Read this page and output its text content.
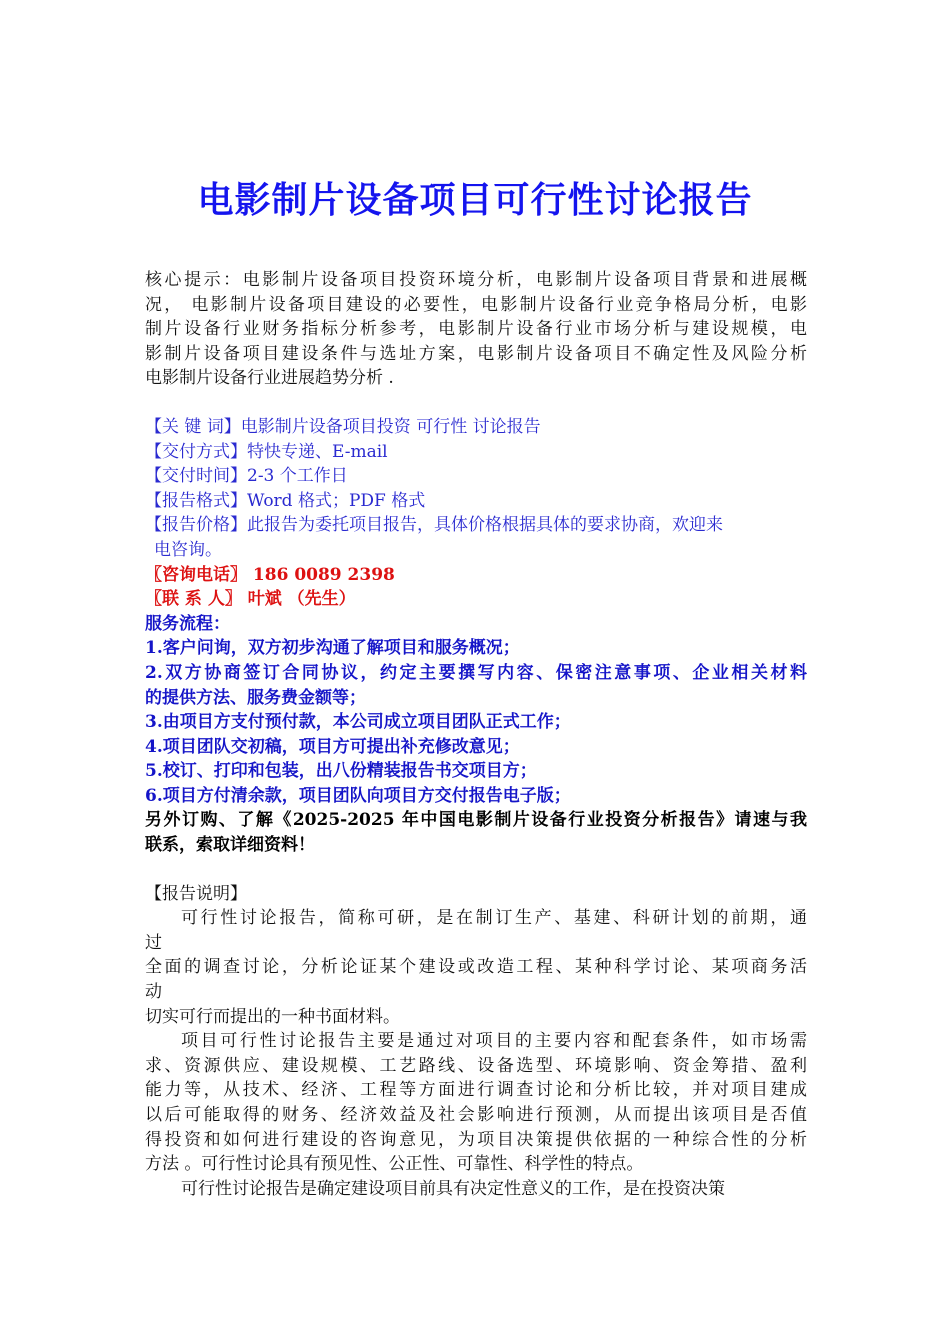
电影制片设备项目可行性讨论报告
核心提示：电影制片设备项目投资环境分析，电影制片设备项目背景和进展概
况， 电影制片设备项目建设的必要性，电影制片设备行业竞争格局分析，电影
制片设备行业财务指标分析参考，电影制片设备行业市场分析与建设规模，电
影制片设备项目建设条件与选址方案，电影制片设备项目不确定性及风险分析
电影制片设备行业进展趋势分析 .
【关 键 词】电影制片设备项目投资 可行性 讨论报告
【交付方式】特快专递、E-mail
【交付时间】2-3 个工作日
【报告格式】Word 格式；PDF 格式
【报告价格】此报告为委托项目报告，具体价格根据具体的要求协商，欢迎来
电咨询。
〖咨询电话〗 186 0089 2398
〖联 系 人〗 叶斌 （先生）
服务流程：
1.客户问询，双方初步沟通了解项目和服务概况；
2.双方协商签订合同协议，约定主要撰写内容、保密注意事项、企业相关材料
的提供方法、服务费金额等；
3.由项目方支付预付款，本公司成立项目团队正式工作；
4.项目团队交初稿，项目方可提出补充修改意见；
5.校订、打印和包装，出八份精装报告书交项目方；
6.项目方付清余款，项目团队向项目方交付报告电子版；
另外订购、了解《2025-2025 年中国电影制片设备行业投资分析报告》请速与我
联系，索取详细资料！
【报告说明】
可行性讨论报告，简称可研，是在制订生产、基建、科研计划的前期，通
过
全面的调查讨论，分析论证某个建设或改造工程、某种科学讨论、某项商务活
动
切实可行而提出的一种书面材料。
项目可行性讨论报告主要是通过对项目的主要内容和配套条件，如市场需
求、资源供应、建设规模、工艺路线、设备选型、环境影响、资金筹措、盈利
能力等，从技术、经济、工程等方面进行调查讨论和分析比较，并对项目建成
以后可能取得的财务、经济效益及社会影响进行预测，从而提出该项目是否值
得投资和如何进行建设的咨询意见，为项目决策提供依据的一种综合性的分析
方法 。可行性讨论具有预见性、公正性、可靠性、科学性的特点。
可行性讨论报告是确定建设项目前具有决定性意义的工作，是在投资决策
